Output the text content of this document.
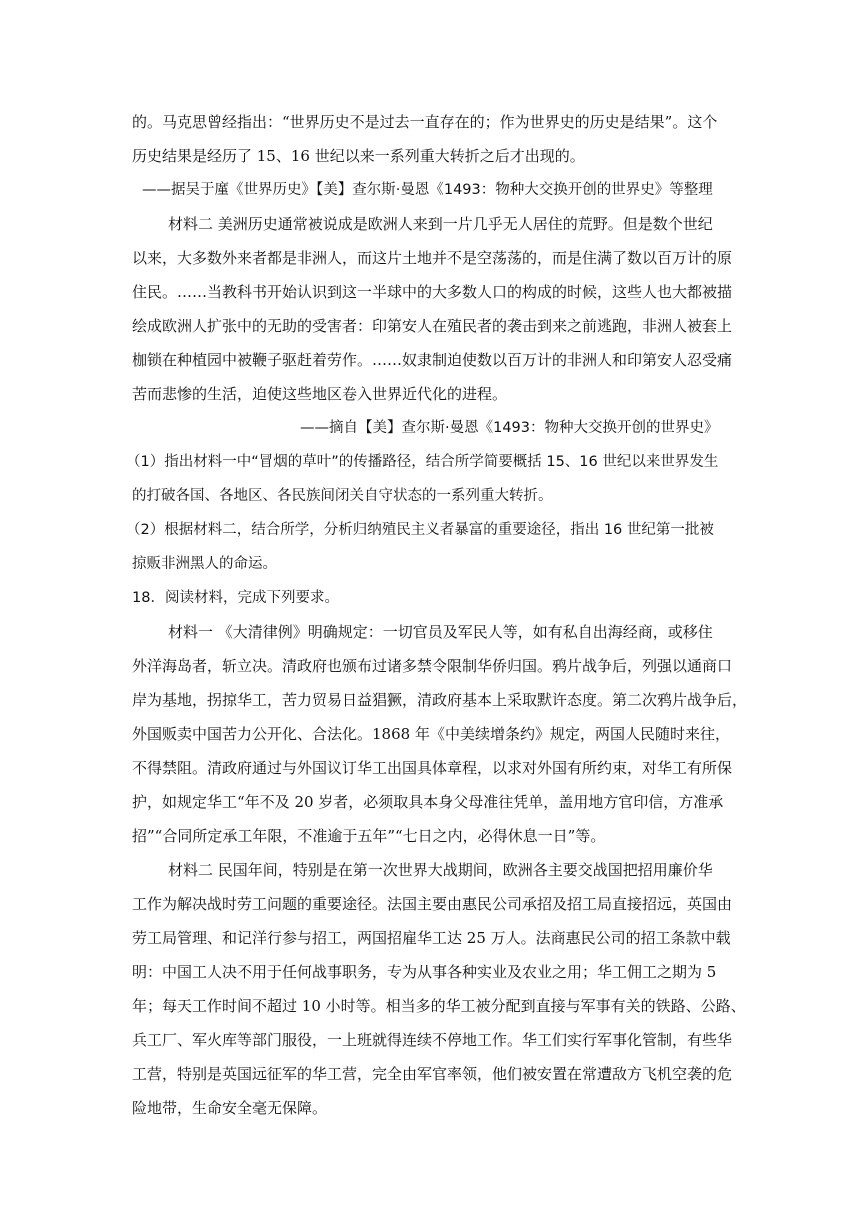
的。马克思曾经指出：“世界历史不是过去一直存在的；作为世界史的历史是结果”。这个
历史结果是经历了 15、16 世纪以来一系列重大转折之后才出现的。
——据吴于廑《世界历史》【美】查尔斯·曼恩《1493：物种大交换开创的世界史》等整理
材料二 美洲历史通常被说成是欧洲人来到一片几乎无人居住的荒野。但是数个世纪
以来，大多数外来者都是非洲人，而这片土地并不是空荡荡的，而是住满了数以百万计的原
住民。……当教科书开始认识到这一半球中的大多数人口的构成的时候，这些人也大都被描
绘成欧洲人扩张中的无助的受害者：印第安人在殖民者的袭击到来之前逃跑，非洲人被套上
枷锁在种植园中被鞭子驱赶着劳作。……奴隶制迫使数以百万计的非洲人和印第安人忍受痛
苦而悲惨的生活，迫使这些地区卷入世界近代化的进程。
——摘自【美】查尔斯·曼恩《1493：物种大交换开创的世界史》
（1）指出材料一中“冒烟的草叶”的传播路径，结合所学简要概括 15、16 世纪以来世界发生
的打破各国、各地区、各民族间闭关自守状态的一系列重大转折。
（2）根据材料二，结合所学，分析归纳殖民主义者暴富的重要途径，指出 16 世纪第一批被
掠贩非洲黑人的命运。
18．阅读材料，完成下列要求。
材料一 《大清律例》明确规定：一切官员及军民人等，如有私自出海经商，或移住
外洋海岛者，斩立决。清政府也颁布过诸多禁令限制华侨归国。鸦片战争后，列强以通商口
岸为基地，拐掠华工，苦力贸易日益猖獗，清政府基本上采取默许态度。第二次鸦片战争后，
外国贩卖中国苦力公开化、合法化。1868 年《中美续增条约》规定，两国人民随时来往，
不得禁阻。清政府通过与外国议订华工出国具体章程，以求对外国有所约束，对华工有所保
护，如规定华工“年不及 20 岁者，必须取具本身父母准往凭单，盖用地方官印信，方准承
招”“合同所定承工年限，不准逾于五年”“七日之内，必得休息一日”等。
材料二 民国年间，特别是在第一次世界大战期间，欧洲各主要交战国把招用廉价华
工作为解决战时劳工问题的重要途径。法国主要由惠民公司承招及招工局直接招远，英国由
劳工局管理、和记洋行参与招工，两国招雇华工达 25 万人。法商惠民公司的招工条款中载
明：中国工人决不用于任何战事职务，专为从事各种实业及农业之用；华工佣工之期为 5
年；每天工作时间不超过 10 小时等。相当多的华工被分配到直接与军事有关的铁路、公路、
兵工厂、军火库等部门服役，一上班就得连续不停地工作。华工们实行军事化管制，有些华
工营，特别是英国远征军的华工营，完全由军官率领，他们被安置在常遭敌方飞机空袭的危
险地带，生命安全毫无保障。
